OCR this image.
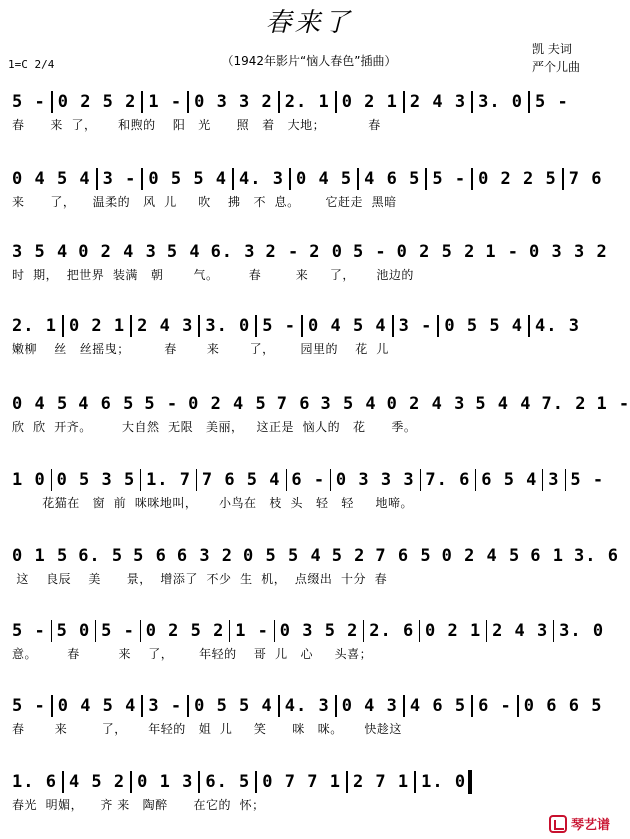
春来了
（1942年影片“恼人春色”插曲）
1=C 2/4
凯 夫词
严个儿曲
5 - 0 2 5 2 1 - 0 3 3 2 2. 1 0 2 1 2 4 3 3. 0 5 -
春      来  了，     和煦的    阳   光      照   着   大地；          春
0 4 5 4 3 - 0 5 5 4 4. 3 0 4 5 4 6 5 5 - 0 2 2 5 7 6
来      了，    温柔的   风  儿     吹    拂   不  息。      它赶走  黑暗
3 5 4 0 2 4 3 5 4 6. 3 2 - 2 0 5 - 0 2 5 2 1 - 0 3 3 2
时  期，  把世界  装满   朝       气。       春        来     了，     池边的
2. 1 0 2 1 2 4 3 3. 0 5 - 0 4 5 4 3 - 0 5 5 4 4. 3
嫩柳    丝   丝摇曳；        春       来       了，      园里的    花  儿
0 4 5 4 6 5 5 - 0 2 4 5 7 6 3 5 4 0 2 4 3 5 4 4 7. 2 1 -
欣  欣  开齐。       大自然  无限   美丽，   这正是  恼人的   花      季。
1 0 0 5 3 5 1. 7 7 6 5 4 6 - 0 3 3 3 7. 6 6 5 4 3 5 -
花猫在   窗  前  咪咪地叫，     小鸟在   枝  头   轻   轻     地啼。
0 1 5 6. 5 5 6 6 3 2 0 5 5 4 5 2 7 6 5 0 2 4 5 6 1 3. 6
这    良辰    美      景，  增添了  不少  生  机，  点缀出  十分  春
5 - 5 0 5 - 0 2 5 2 1 - 0 3 5 2 2. 6 0 2 1 2 4 3 3. 0
意。       春         来    了，      年轻的    哥  儿   心     头喜；
5 - 0 4 5 4 3 - 0 5 5 4 4. 3 0 4 3 4 6 5 6 - 0 6 6 5
春       来        了，     年轻的   姐  儿     笑      咪   咪。     快趁这
1. 6 4 5 2 0 1 3 6. 5 0 7 7 1 2 7 1 1. 0
春光  明媚，    齐 来   陶醉      在它的  怀；
琴艺谱
